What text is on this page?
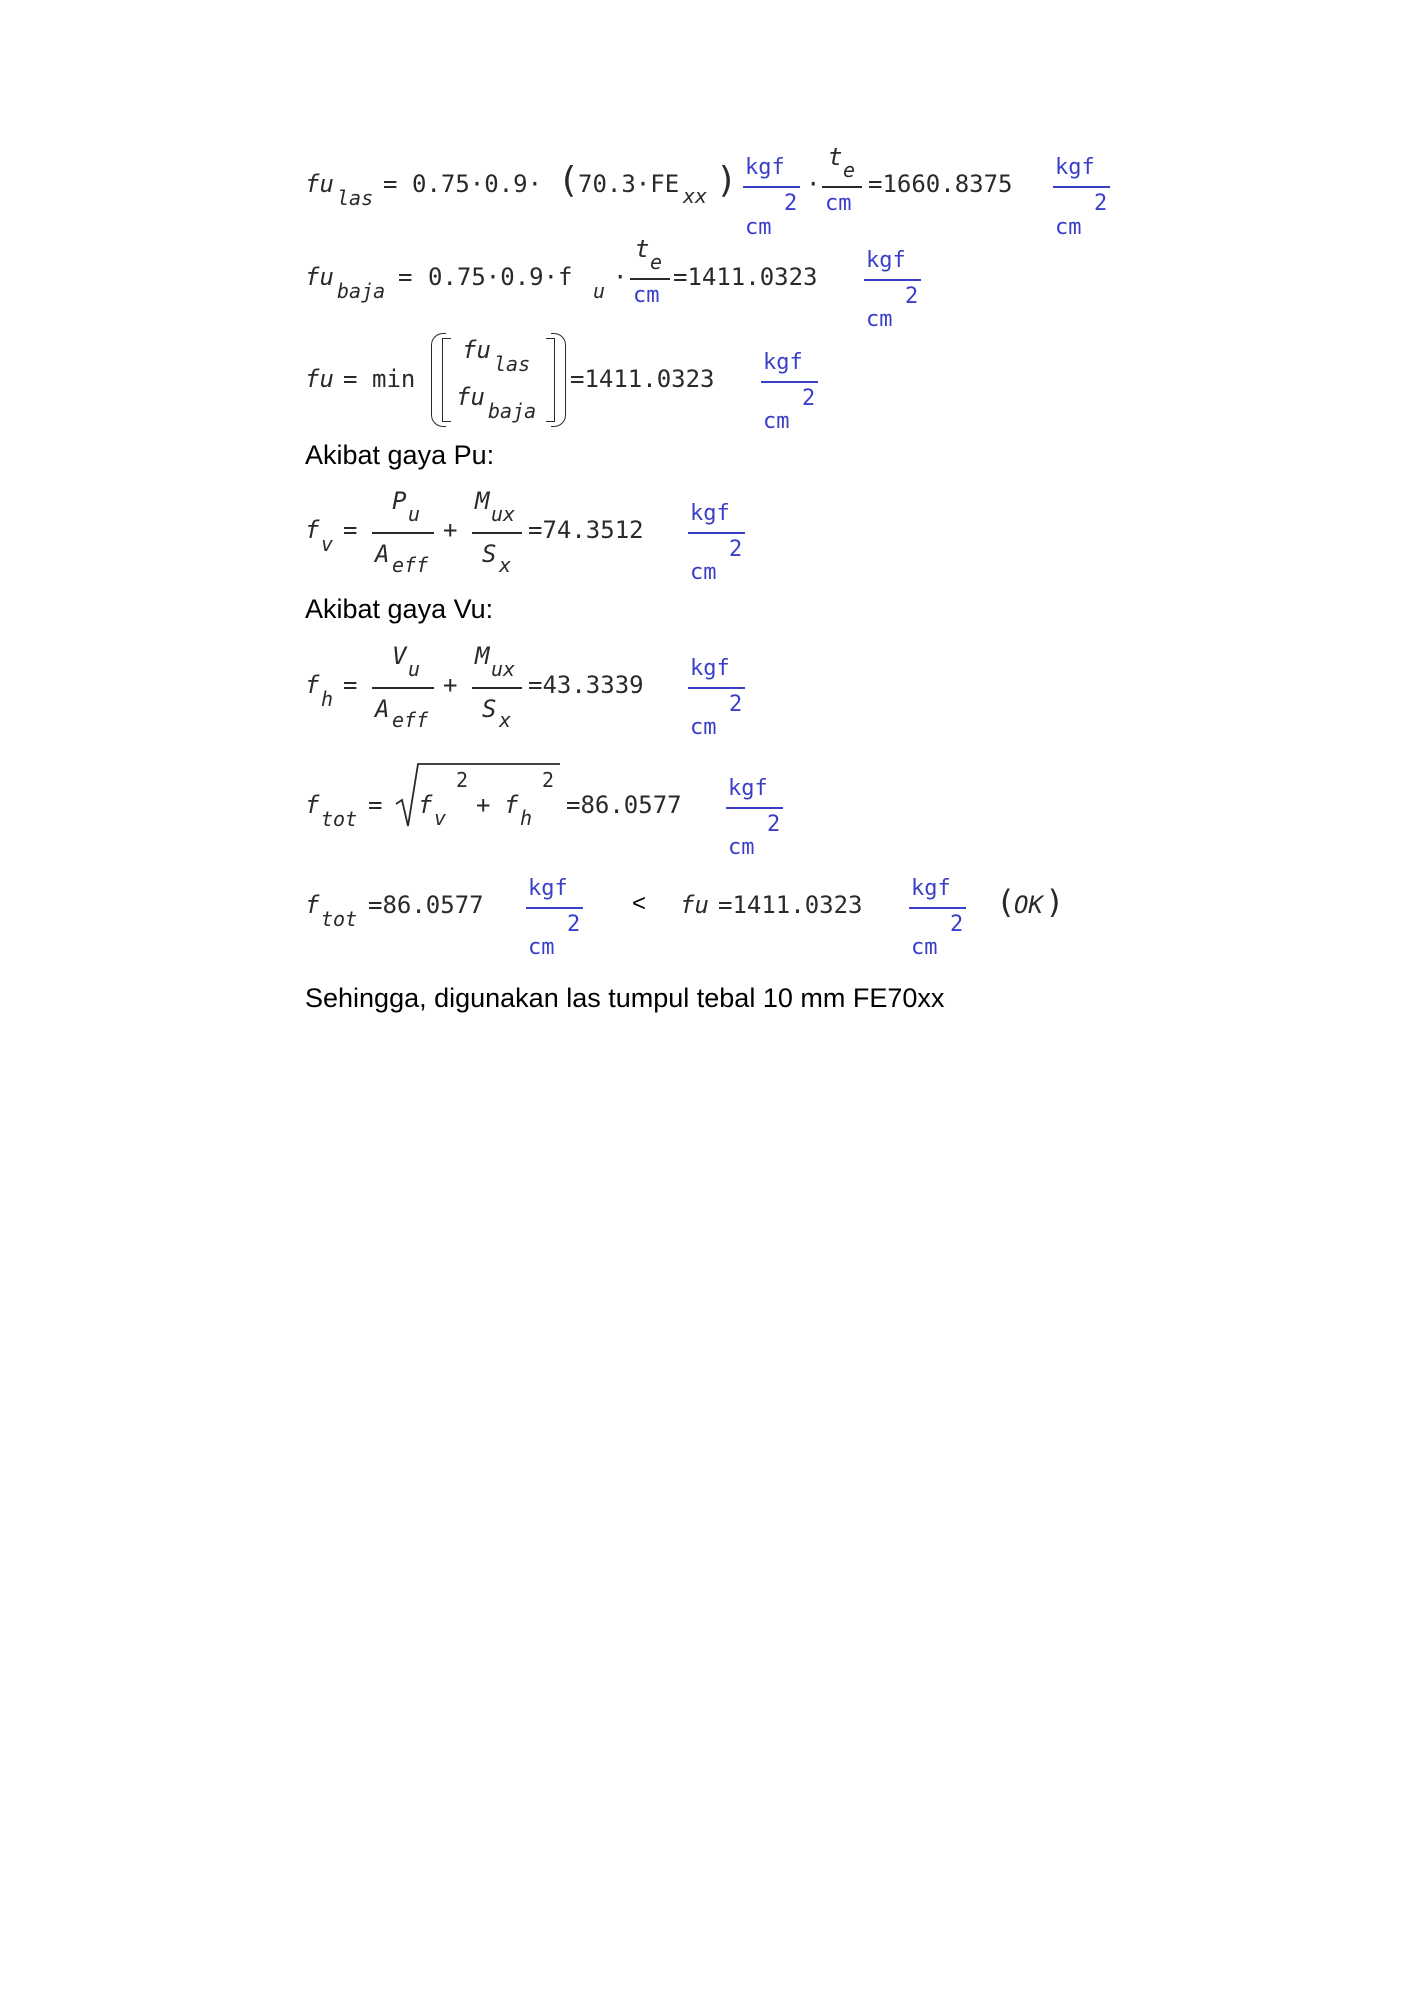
fu las = 0.75·0.9· ( 70.3·FE xx ) kgf
2
cm
·
t e
cm
=1660.8375
kgf
2
cm
fu baja = 0.75·0.9·f u ·
t e
cm
=1411.0323
kgf
2
cm
fu = min
fu las
fu baja
=1411.0323
kgf
2
cm
Akibat gaya Pu:
f v =
P u
A eff
+
M ux
S x
=74.3512
kgf
2
cm
Akibat gaya Vu:
f h =
V u
A eff
+
M ux
S x
=43.3339
kgf
2
cm
f tot = f v
2
+ f h
2
=86.0577
kgf
2
cm
f tot =86.0577
kgf
2
cm
< fu =1411.0323
kgf
2
cm
( OK )
Sehingga, digunakan las tumpul tebal 10 mm FE70xx
